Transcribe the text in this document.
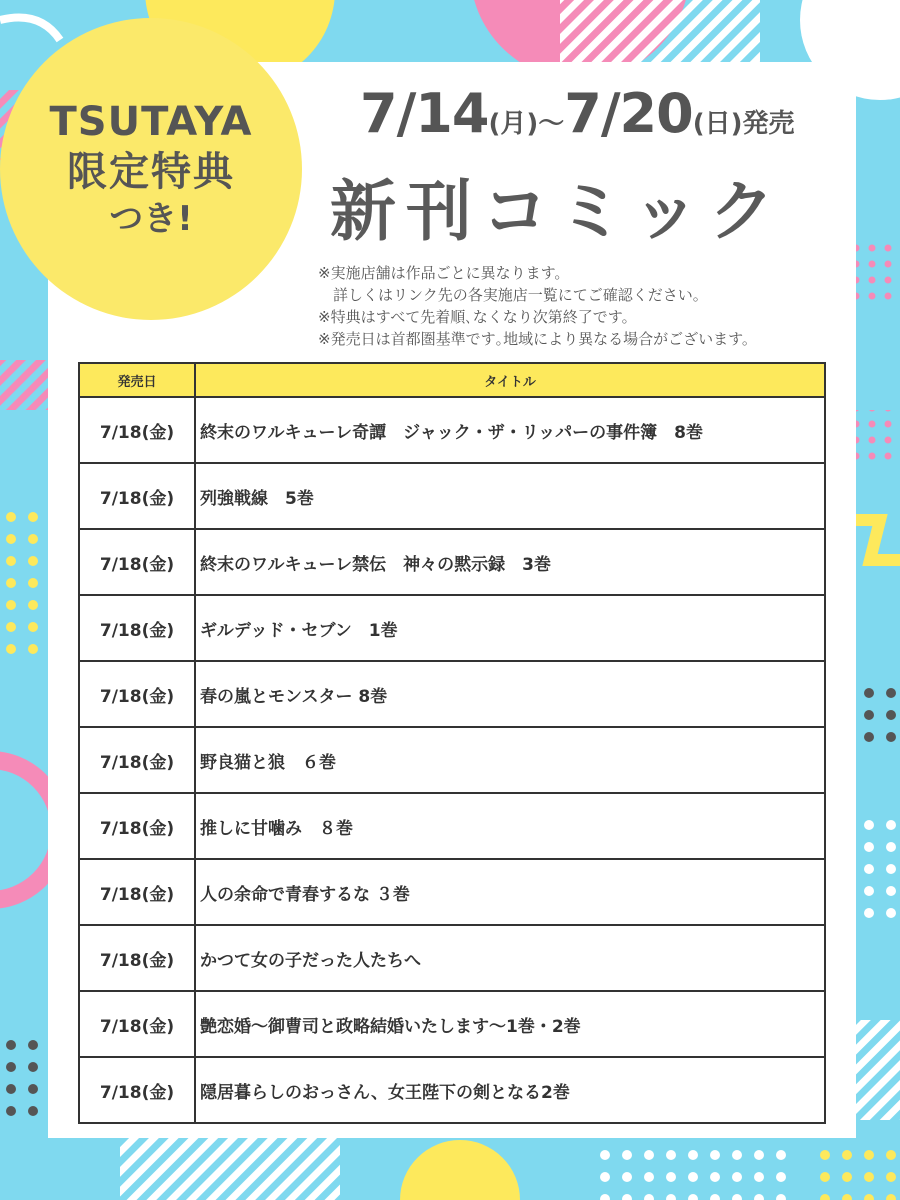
TSUTAYA
限定特典
つき!
7/14(月)～7/20(日)発売
新刊コミック
※実施店舗は作品ごとに異なります。
　詳しくはリンク先の各実施店一覧にてご確認ください。
※特典はすべて先着順､なくなり次第終了です。
※発売日は首都圏基準です｡地域により異なる場合がございます。
発売日	タイトル
7/18(金)	終末のワルキューレ奇譚　ジャック・ザ・リッパーの事件簿　8巻
7/18(金)	列強戦線　5巻
7/18(金)	終末のワルキューレ禁伝　神々の黙示録　3巻
7/18(金)	ギルデッド・セブン　1巻
7/18(金)	春の嵐とモンスター 8巻
7/18(金)	野良猫と狼　６巻
7/18(金)	推しに甘噛み　８巻
7/18(金)	人の余命で青春するな ３巻
7/18(金)	かつて女の子だった人たちへ
7/18(金)	艶恋婚～御曹司と政略結婚いたします～1巻・2巻
7/18(金)	隠居暮らしのおっさん、女王陛下の剣となる2巻
